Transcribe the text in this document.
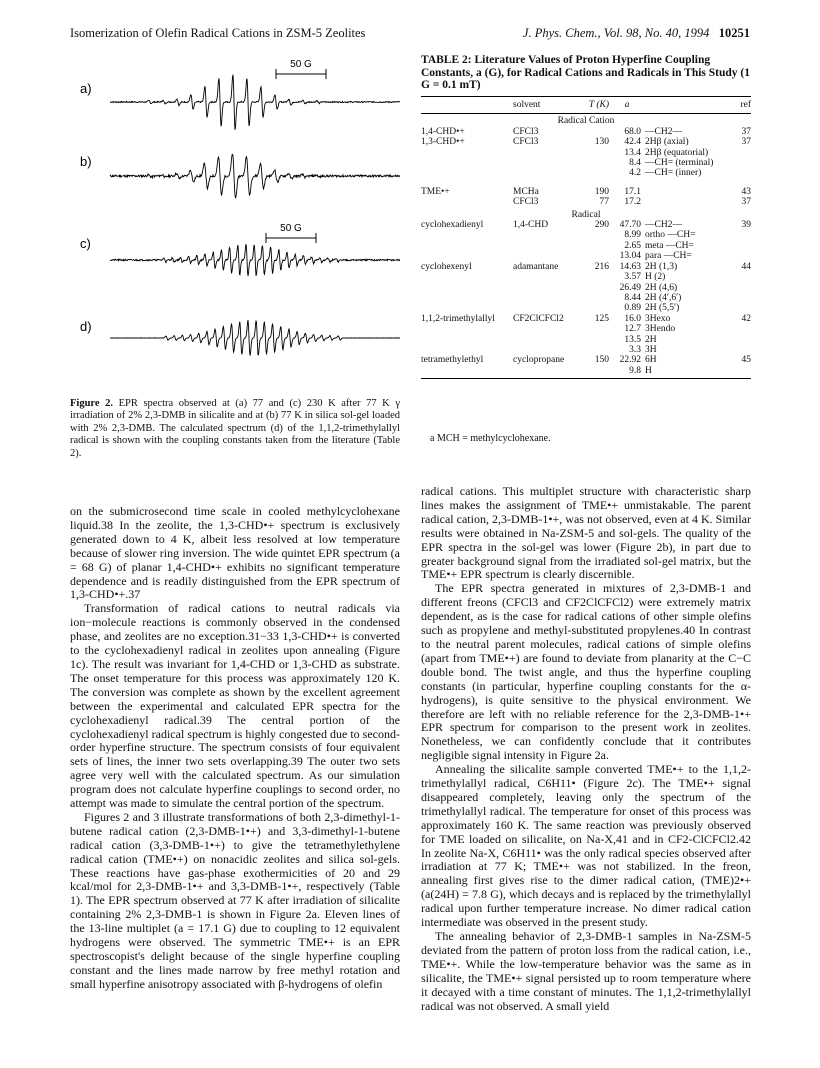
Isomerization of Olefin Radical Cations in ZSM-5 Zeolites	J. Phys. Chem., Vol. 98, No. 40, 1994 10251
a)
b)
c)
d)
50 G
50 G
Figure 2. EPR spectra observed at (a) 77 and (c) 230 K after 77 K γ irradiation of 2% 2,3-DMB in silicalite and at (b) 77 K in silica sol-gel loaded with 2% 2,3-DMB. The calculated spectrum (d) of the 1,1,2-trimethylallyl radical is shown with the coupling constants taken from the literature (Table 2).
TABLE 2: Literature Values of Proton Hyperfine Coupling Constants, a (G), for Radical Cations and Radicals in This Study (1 G = 0.1 mT)
	solvent	T (K)	a		ref
Radical Cation					
1,4-CHD•+	CFCl3		68.0	—CH2—	37
1,3-CHD•+	CFCl3	130	42.4	2Hβ (axial)	37
			13.4	2Hβ (equatorial)	
			8.4	—CH= (terminal)	
			4.2	—CH= (inner)	

TME•+	MCHa	190	17.1		43
	CFCl3	77	17.2		37
Radical					
cyclohexadienyl	1,4-CHD	290	47.70	—CH2—	39
			8.99	ortho —CH=	
			2.65	meta —CH=	
			13.04	para —CH=	
cyclohexenyl	adamantane	216	14.63	2H (1,3)	44
			3.57	H (2)	
			26.49	2H (4,6)	
			8.44	2H (4′,6′)	
			0.89	2H (5,5′)	
1,1,2-trimethylallyl	CF2ClCFCl2	125	16.0	3Hexo	42
			12.7	3Hendo	
			13.5	2H	
			3.3	3H	
tetramethylethyl	cyclopropane	150	22.92	6H	45
			9.8	H	
a MCH = methylcyclohexane.

on the submicrosecond time scale in cooled methylcyclohexane liquid.38 In the zeolite, the 1,3-CHD•+ spectrum is exclusively generated down to 4 K, albeit less resolved at low temperature because of slower ring inversion. The wide quintet EPR spectrum (a = 68 G) of planar 1,4-CHD•+ exhibits no significant temperature dependence and is readily distinguished from the EPR spectrum of 1,3-CHD•+.37

Transformation of radical cations to neutral radicals via ion−molecule reactions is commonly observed in the condensed phase, and zeolites are no exception.31−33 1,3-CHD•+ is converted to the cyclohexadienyl radical in zeolites upon annealing (Figure 1c). The result was invariant for 1,4-CHD or 1,3-CHD as substrate. The onset temperature for this process was approximately 120 K. The conversion was complete as shown by the excellent agreement between the experimental and calculated EPR spectra for the cyclohexadienyl radical.39 The central portion of the cyclohexadienyl radical spectrum is highly congested due to second-order hyperfine structure. The spectrum consists of four equivalent sets of lines, the inner two sets overlapping.39 The outer two sets agree very well with the calculated spectrum. As our simulation program does not calculate hyperfine couplings to second order, no attempt was made to simulate the central portion of the spectrum.

Figures 2 and 3 illustrate transformations of both 2,3-dimethyl-1-butene radical cation (2,3-DMB-1•+) and 3,3-dimethyl-1-butene radical cation (3,3-DMB-1•+) to give the tetramethylethylene radical cation (TME•+) on nonacidic zeolites and silica sol-gels. These reactions have gas-phase exothermicities of 20 and 29 kcal/mol for 2,3-DMB-1•+ and 3,3-DMB-1•+, respectively (Table 1). The EPR spectrum observed at 77 K after irradiation of silicalite containing 2% 2,3-DMB-1 is shown in Figure 2a. Eleven lines of the 13-line multiplet (a = 17.1 G) due to coupling to 12 equivalent hydrogens were observed. The symmetric TME•+ is an EPR spectroscopist's delight because of the single hyperfine coupling constant and the lines made narrow by free methyl rotation and small hyperfine anisotropy associated with β-hydrogens of olefin

radical cations. This multiplet structure with characteristic sharp lines makes the assignment of TME•+ unmistakable. The parent radical cation, 2,3-DMB-1•+, was not observed, even at 4 K. Similar results were obtained in Na-ZSM-5 and sol-gels. The quality of the EPR spectra in the sol-gel was lower (Figure 2b), in part due to greater background signal from the irradiated sol-gel matrix, but the TME•+ EPR spectrum is clearly discernible.

The EPR spectra generated in mixtures of 2,3-DMB-1 and different freons (CFCl3 and CF2ClCFCl2) were extremely matrix dependent, as is the case for radical cations of other simple olefins such as propylene and methyl-substituted propylenes.40 In contrast to the neutral parent molecules, radical cations of simple olefins (apart from TME•+) are found to deviate from planarity at the C−C double bond. The twist angle, and thus the hyperfine coupling constants (in particular, hyperfine coupling constants for the α-hydrogens), is quite sensitive to the physical environment. We therefore are left with no reliable reference for the 2,3-DMB-1•+ EPR spectrum for comparison to the present work in zeolites. Nonetheless, we can confidently conclude that it contributes negligible signal intensity in Figure 2a.

Annealing the silicalite sample converted TME•+ to the 1,1,2-trimethylallyl radical, C6H11• (Figure 2c). The TME•+ signal disappeared completely, leaving only the spectrum of the trimethylallyl radical. The temperature for onset of this process was approximately 160 K. The same reaction was previously observed for TME loaded on silicalite, on Na-X,41 and in CF2-ClCFCl2.42 In zeolite Na-X, C6H11• was the only radical species observed after irradiation at 77 K; TME•+ was not stabilized. In the freon, annealing first gives rise to the dimer radical cation, (TME)2•+ (a(24H) = 7.8 G), which decays and is replaced by the trimethylallyl radical upon further temperature increase. No dimer radical cation intermediate was observed in the present study.

The annealing behavior of 2,3-DMB-1 samples in Na-ZSM-5 deviated from the pattern of proton loss from the radical cation, i.e., TME•+. While the low-temperature behavior was the same as in silicalite, the TME•+ signal persisted up to room temperature where it decayed with a time constant of minutes. The 1,1,2-trimethylallyl radical was not observed. A small yield
